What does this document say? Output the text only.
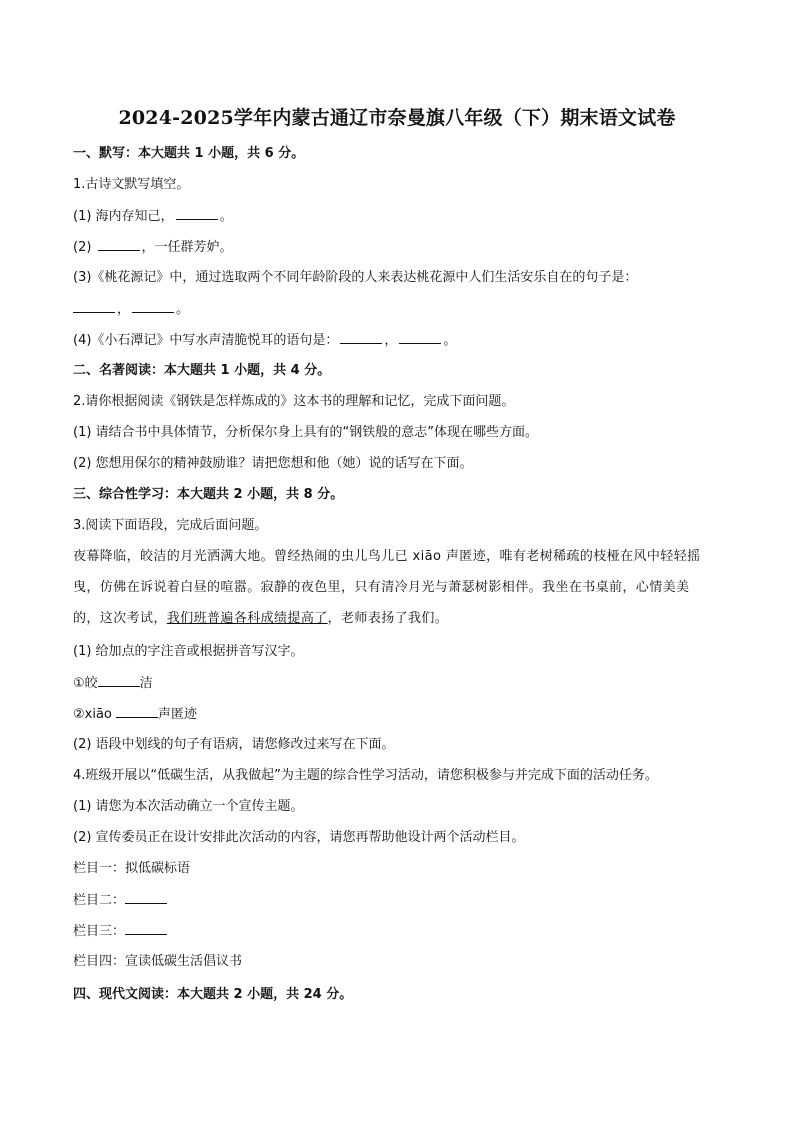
2024-2025学年内蒙古通辽市奈曼旗八年级（下）期末语文试卷
一、默写：本大题共 1 小题，共 6 分。
1.古诗文默写填空。
(1) 海内存知己，	。
(2)	，一任群芳妒。
(3)《桃花源记》中，通过选取两个不同年龄阶段的人来表达桃花源中人们生活安乐自在的句子是：
，	。
(4)《小石潭记》中写水声清脆悦耳的语句是：	，	。
二、名著阅读：本大题共 1 小题，共 4 分。
2.请你根据阅读《钢铁是怎样炼成的》这本书的理解和记忆，完成下面问题。
(1) 请结合书中具体情节，分析保尔身上具有的“钢铁般的意志”体现在哪些方面。
(2) 您想用保尔的精神鼓励谁？请把您想和他（她）说的话写在下面。
三、综合性学习：本大题共 2 小题，共 8 分。
3.阅读下面语段，完成后面问题。
夜幕降临，皎洁的月光洒满大地。曾经热闹的虫儿鸟儿已 xiāo 声匿迹，唯有老树稀疏的枝桠在风中轻轻摇
曳，仿佛在诉说着白昼的喧嚣。寂静的夜色里，只有清冷月光与萧瑟树影相伴。我坐在书桌前，心情美美
的，这次考试，我们班普遍各科成绩提高了，老师表扬了我们。
(1) 给加点的字注音或根据拼音写汉字。
①皎	洁
②xiāo	声匿迹
(2) 语段中划线的句子有语病，请您修改过来写在下面。
4.班级开展以“低碳生活，从我做起”为主题的综合性学习活动，请您积极参与并完成下面的活动任务。
(1) 请您为本次活动确立一个宣传主题。
(2) 宣传委员正在设计安排此次活动的内容，请您再帮助他设计两个活动栏目。
栏目一：拟低碳标语
栏目二：
栏目三：
栏目四：宣读低碳生活倡议书
四、现代文阅读：本大题共 2 小题，共 24 分。
